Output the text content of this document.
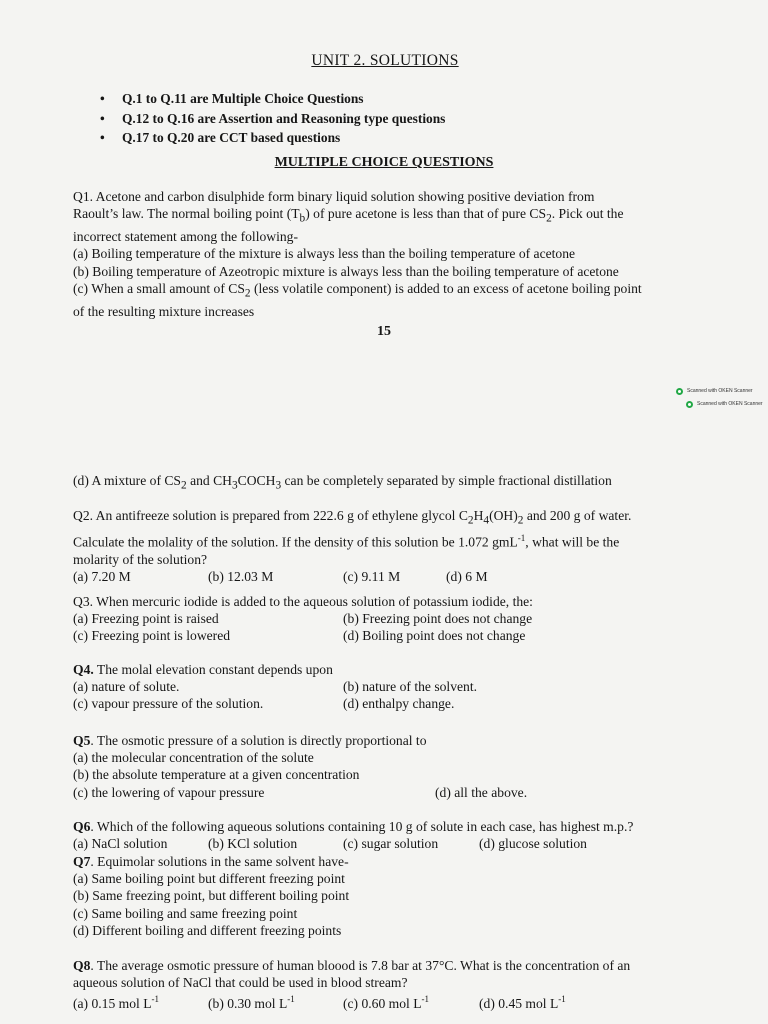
UNIT 2. SOLUTIONS
• Q.1 to Q.11 are Multiple Choice Questions
• Q.12 to Q.16 are Assertion and Reasoning type questions
• Q.17 to Q.20 are CCT based questions
MULTIPLE CHOICE QUESTIONS

Q1. Acetone and carbon disulphide form binary liquid solution showing positive deviation from

Raoult’s law. The normal boiling point $(T_b)$ of pure acetone is less than that of pure $CS_2$. Pick out the

incorrect statement among the following-

(a) Boiling temperature of the mixture is always less than the boiling temperature of acetone

(b) Boiling temperature of Azeotropic mixture is always less than the boiling temperature of acetone

(c) When a small amount of $CS_2$ (less volatile component) is added to an excess of acetone boiling point

of the resulting mixture increases

15
Scanned with OKEN Scanner
Scanned with OKEN Scanner

(d) A mixture of $CS_2$ and $CH_3COCH_3$ can be completely separated by simple fractional distillation

Q2. An antifreeze solution is prepared from 222.6 g of ethylene glycol $C_2H_4(OH)_2$ and 200 g of water.

Calculate the molality of the solution. If the density of this solution be 1.072 gmL$^{-1}$, what will be the

molarity of the solution?

(a) 7.20 M	(b) 12.03 M	(c) 9.11 M	(d) 6 M

Q3. When mercuric iodide is added to the aqueous solution of potassium iodide, the:

(a) Freezing point is raised	(b) Freezing point does not change

(c) Freezing point is lowered	(d) Boiling point does not change

Q4. The molal elevation constant depends upon

(a) nature of solute.	(b) nature of the solvent.

(c) vapour pressure of the solution.	(d) enthalpy change.

Q5. The osmotic pressure of a solution is directly proportional to

(a) the molecular concentration of the solute

(b) the absolute temperature at a given concentration

(c) the lowering of vapour pressure	(d) all the above.

Q6. Which of the following aqueous solutions containing 10 g of solute in each case, has highest m.p.?

(a) NaCl solution	(b) KCl solution	(c) sugar solution	(d) glucose solution

Q7. Equimolar solutions in the same solvent have-

(a) Same boiling point but different freezing point

(b) Same freezing point, but different boiling point

(c) Same boiling and same freezing point

(d) Different boiling and different freezing points

Q8. The average osmotic pressure of human bloood is 7.8 bar at 37°C. What is the concentration of an

aqueous solution of NaCl that could be used in blood stream?

(a) 0.15 mol $L^{-1}$	(b) 0.30 mol $L^{-1}$	(c) 0.60 mol $L^{-1}$	(d) 0.45 mol $L^{-1}$
